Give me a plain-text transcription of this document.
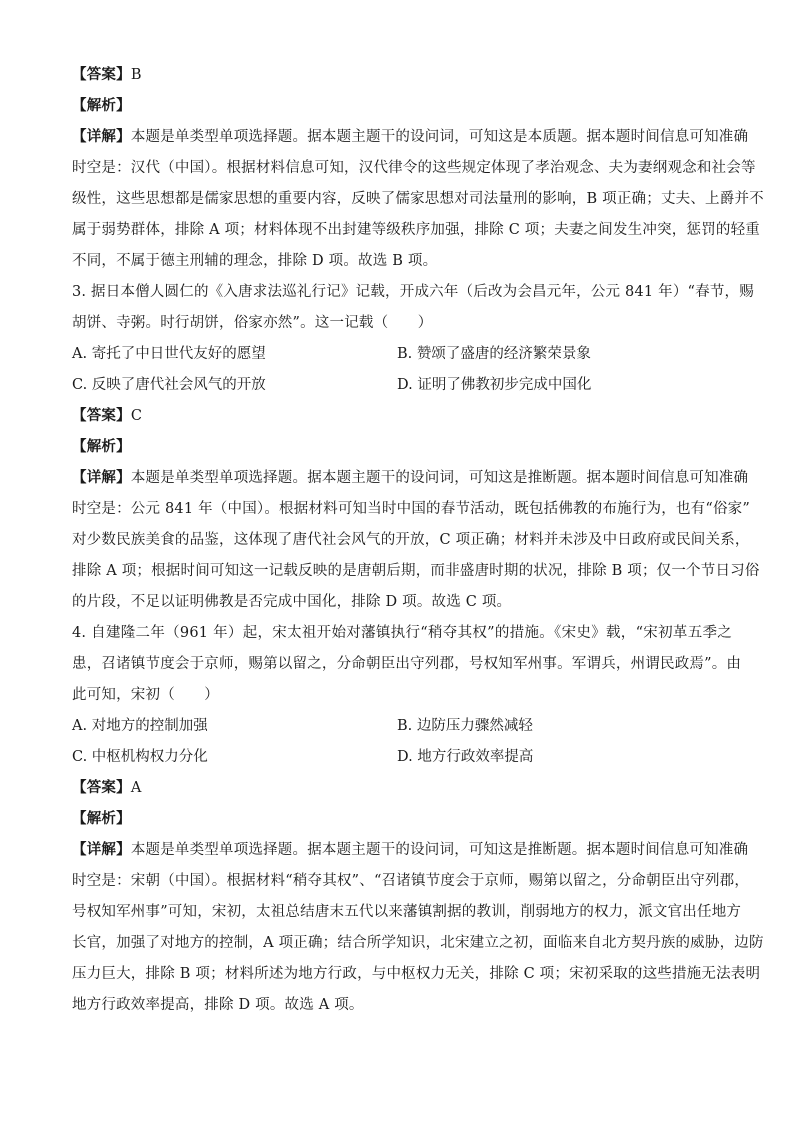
【答案】B
【解析】
【详解】本题是单类型单项选择题。据本题主题干的设问词，可知这是本质题。据本题时间信息可知准确
时空是：汉代（中国）。根据材料信息可知，汉代律令的这些规定体现了孝治观念、夫为妻纲观念和社会等
级性，这些思想都是儒家思想的重要内容，反映了儒家思想对司法量刑的影响，B 项正确；丈夫、上爵并不
属于弱势群体，排除 A 项；材料体现不出封建等级秩序加强，排除 C 项；夫妻之间发生冲突，惩罚的轻重
不同，不属于德主刑辅的理念，排除 D 项。故选 B 项。
3. 据日本僧人圆仁的《入唐求法巡礼行记》记载，开成六年（后改为会昌元年，公元 841 年）“春节，赐
胡饼、寺粥。时行胡饼，俗家亦然”。这一记载（　　）
A. 寄托了中日世代友好的愿望	B. 赞颂了盛唐的经济繁荣景象
C. 反映了唐代社会风气的开放	D. 证明了佛教初步完成中国化
【答案】C
【解析】
【详解】本题是单类型单项选择题。据本题主题干的设问词，可知这是推断题。据本题时间信息可知准确
时空是：公元 841 年（中国）。根据材料可知当时中国的春节活动，既包括佛教的布施行为，也有“俗家”
对少数民族美食的品鉴，这体现了唐代社会风气的开放，C 项正确；材料并未涉及中日政府或民间关系，
排除 A 项；根据时间可知这一记载反映的是唐朝后期，而非盛唐时期的状况，排除 B 项；仅一个节日习俗
的片段，不足以证明佛教是否完成中国化，排除 D 项。故选 C 项。
4. 自建隆二年（961 年）起，宋太祖开始对藩镇执行“稍夺其权”的措施。《宋史》载，“宋初革五季之
患，召诸镇节度会于京师，赐第以留之，分命朝臣出守列郡，号权知军州事。军谓兵，州谓民政焉”。由
此可知，宋初（　　）
A. 对地方的控制加强	B. 边防压力骤然减轻
C. 中枢机构权力分化	D. 地方行政效率提高
【答案】A
【解析】
【详解】本题是单类型单项选择题。据本题主题干的设问词，可知这是推断题。据本题时间信息可知准确
时空是：宋朝（中国）。根据材料“稍夺其权”、“召诸镇节度会于京师，赐第以留之，分命朝臣出守列郡，
号权知军州事”可知，宋初，太祖总结唐末五代以来藩镇割据的教训，削弱地方的权力，派文官出任地方
长官，加强了对地方的控制，A 项正确；结合所学知识，北宋建立之初，面临来自北方契丹族的威胁，边防
压力巨大，排除 B 项；材料所述为地方行政，与中枢权力无关，排除 C 项；宋初采取的这些措施无法表明
地方行政效率提高，排除 D 项。故选 A 项。
